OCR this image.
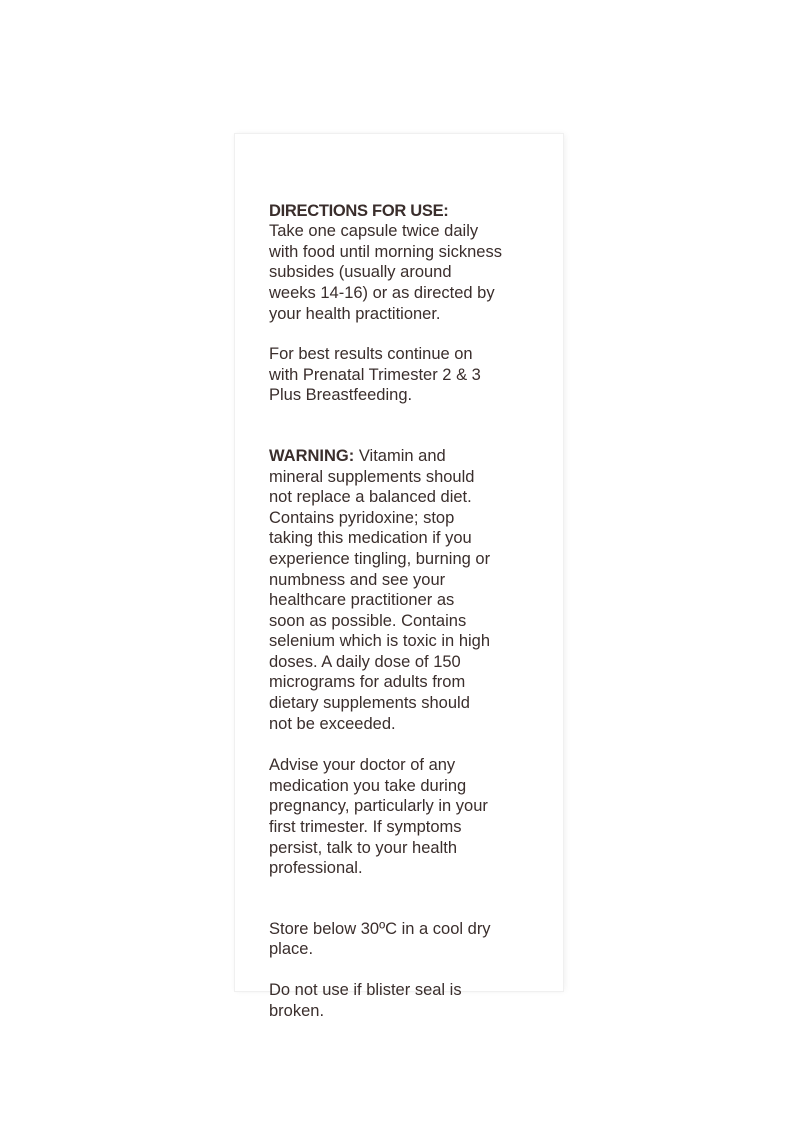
DIRECTIONS FOR USE:
Take one capsule twice daily
with food until morning sickness
subsides (usually around
weeks 14-16) or as directed by
your health practitioner.

For best results continue on
with Prenatal Trimester 2 & 3
Plus Breastfeeding.

WARNING: Vitamin and
mineral supplements should
not replace a balanced diet.
Contains pyridoxine; stop
taking this medication if you
experience tingling, burning or
numbness and see your
healthcare practitioner as
soon as possible. Contains
selenium which is toxic in high
doses. A daily dose of 150
micrograms for adults from
dietary supplements should
not be exceeded.

Advise your doctor of any
medication you take during
pregnancy, particularly in your
first trimester. If symptoms
persist, talk to your health
professional.

Store below 30ºC in a cool dry
place.

Do not use if blister seal is
broken.
